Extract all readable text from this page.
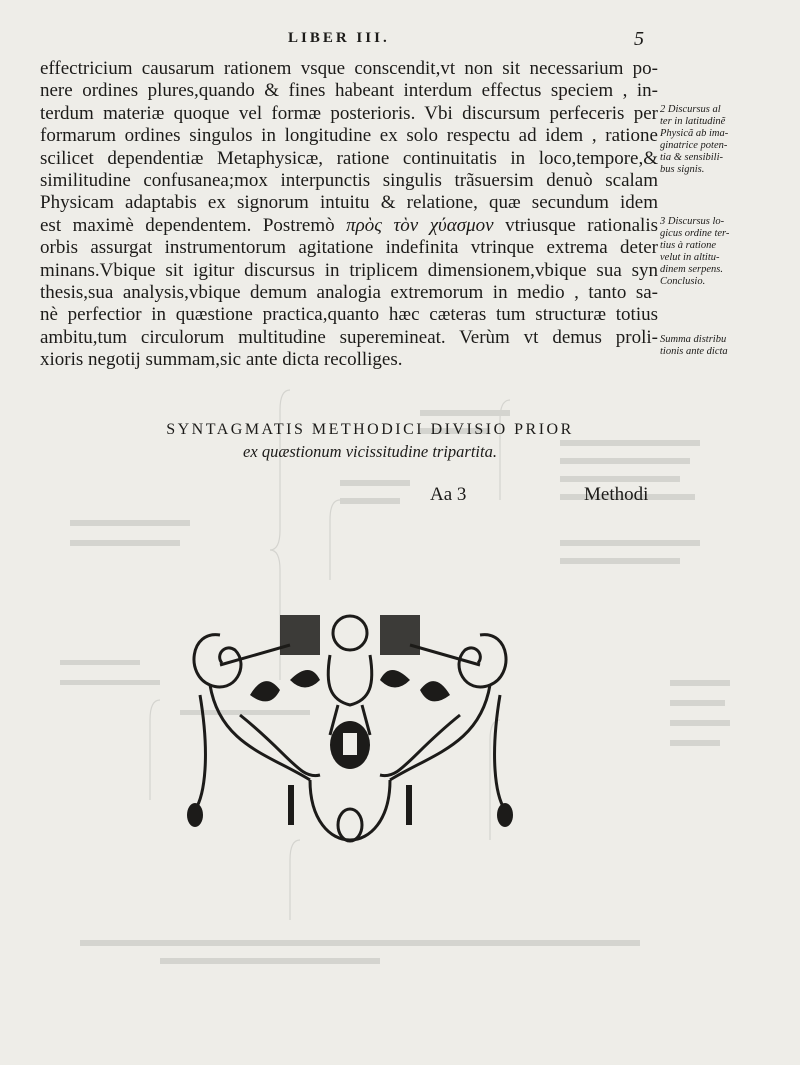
LIBER III.	5
effectricium causarum rationem vsque conscendit,vt non sit necessarium po-
nere ordines plures,quando & fines habeant interdum effectus speciem , in-
terdum materiæ quoque vel formæ posterioris. Vbi discursum perfeceris per
formarum ordines singulos in longitudine ex solo respectu ad idem , ratione
scilicet dependentiæ Metaphysicæ, ratione continuitatis in loco,tempore,&
similitudine confusanea;mox interpunctis singulis trãsuersim denuò scalam
Physicam adaptabis ex signorum intuitu & relatione, quæ secundum idem
est maximè dependentem. Postremò πρὸς τὸν χύασμον vtriusque rationalis
orbis assurgat instrumentorum agitatione indefinita vtrinque extrema deter
minans.Vbique sit igitur discursus in triplicem dimensionem,vbique sua syn
thesis,sua analysis,vbique demum analogia extremorum in medio , tanto sa-
nè perfectior in quæstione practica,quanto hæc cæteras tum structuræ totius
ambitu,tum circulorum multitudine superemineat. Verùm vt demus proli-
xioris negotij summam,sic ante dicta recolliges.

2 Discursus al

ter in latitudinẽ

Physicã ab ima-

ginatrice poten-

tia & sensibili-

bus signis.

3 Discursus lo-

gicus ordine ter-

tius à ratione

velut in altitu-

dinem serpens.

Conclusio.

Summa distribu

tionis ante dicta

SYNTAGMATIS METHODICI DIVISIO PRIOR
ex quæstionum vicissitudine tripartita.
Aa 3	Methodi
